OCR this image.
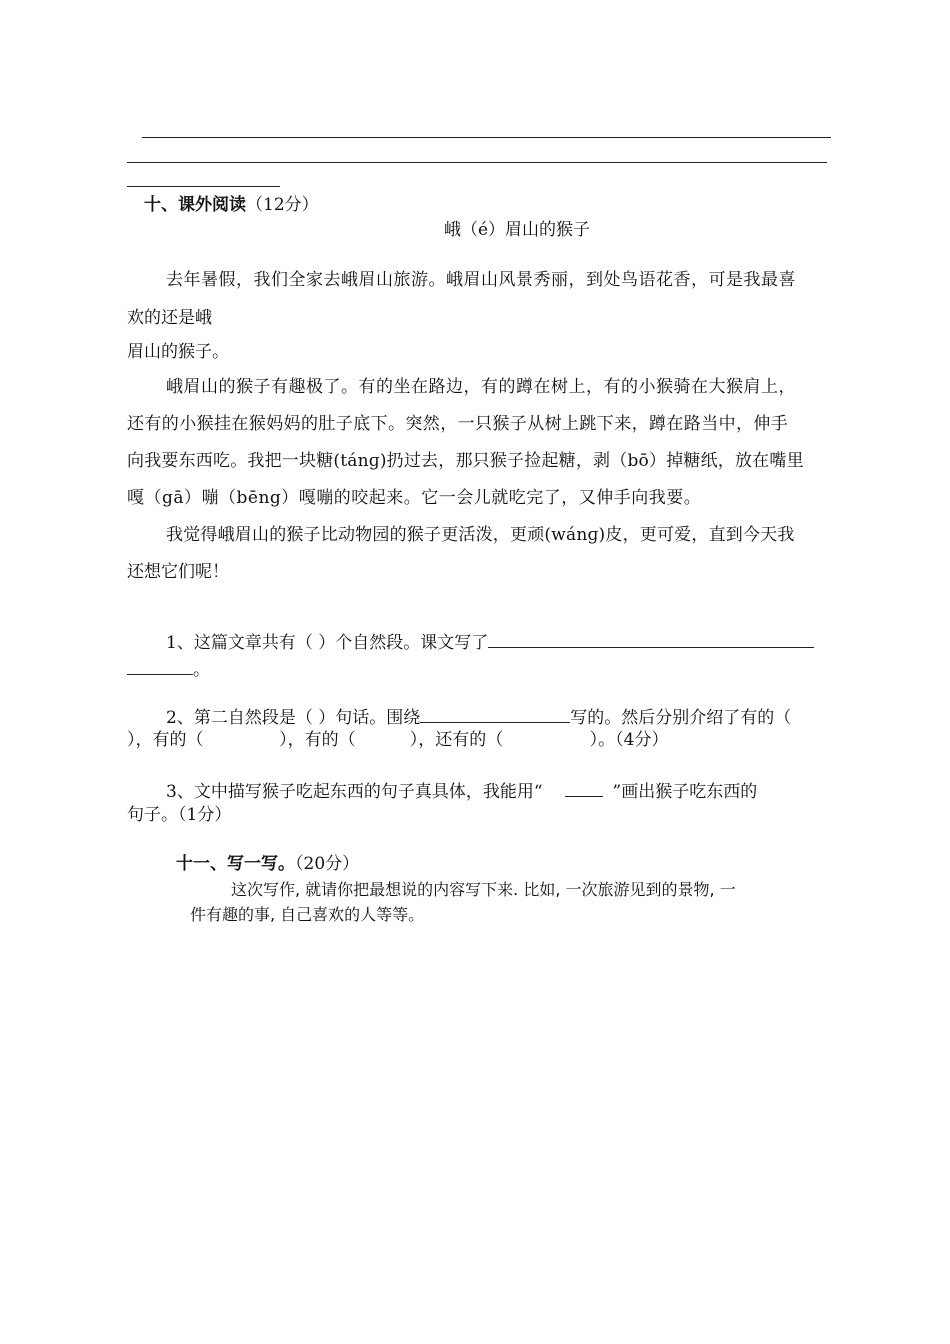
十、课外阅读（12分）
峨（é）眉山的猴子
去年暑假，我们全家去峨眉山旅游。峨眉山风景秀丽，到处鸟语花香，可是我最喜
欢的还是峨
眉山的猴子。
峨眉山的猴子有趣极了。有的坐在路边，有的蹲在树上，有的小猴骑在大猴肩上，
还有的小猴挂在猴妈妈的肚子底下。突然，一只猴子从树上跳下来，蹲在路当中，伸手
向我要东西吃。我把一块糖(tánɡ)扔过去，那只猴子捡起糖，剥（bō）掉糖纸，放在嘴里
嘎（gā）嘣（bēng）嘎嘣的咬起来。它一会儿就吃完了，又伸手向我要。
我觉得峨眉山的猴子比动物园的猴子更活泼，更顽(wánɡ)皮，更可爱，直到今天我
还想它们呢！
1、这篇文章共有（ ）个自然段。课文写了
。
2、第二自然段是（ ）句话。围绕	写的。然后分别介绍了有的（
），有的（              ），有的（          ），还有的（                ）。（4分）
3、文中描写猴子吃起东西的句子真具体，我能用“	”画出猴子吃东西的
句子。（1分）
十一、写一写。（20分）
这次写作, 就请你把最想说的内容写下来. 比如, 一次旅游见到的景物, 一
件有趣的事, 自己喜欢的人等等。
